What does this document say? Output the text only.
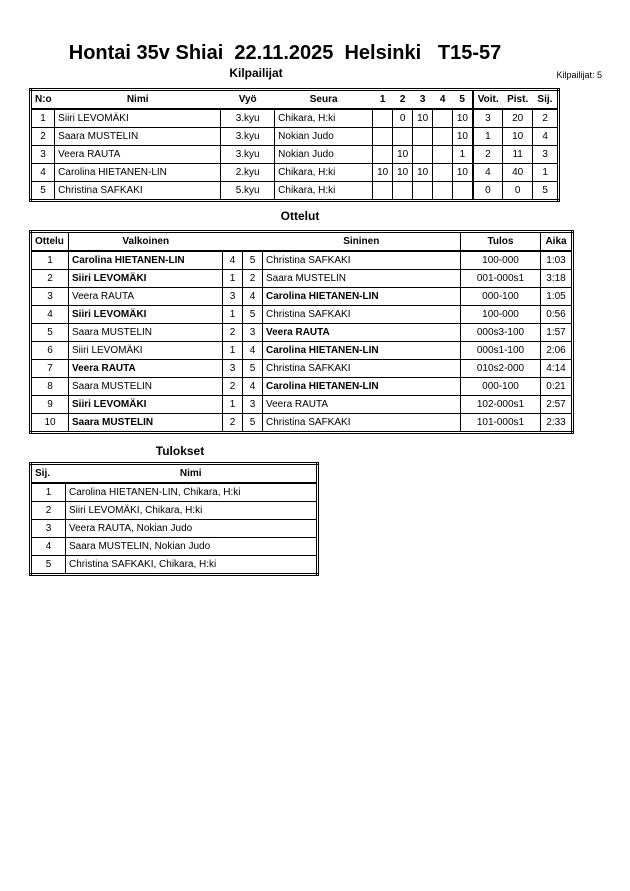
Hontai 35v Shiai  22.11.2025  Helsinki   T15-57
Kilpailijat	Kilpailijat: 5
N:o	Nimi	Vyö	Seura	1	2	3	4	5	Voit.	Pist.	Sij.
1	Siiri LEVOMÄKI	3.kyu	Chikara, H:ki		0	10		10	3	20	2
2	Saara MUSTELIN	3.kyu	Nokian Judo					10	1	10	4
3	Veera RAUTA	3.kyu	Nokian Judo		10			1	2	11	3
4	Carolina HIETANEN-LIN	2.kyu	Chikara, H:ki	10	10	10		10	4	40	1
5	Christina SAFKAKI	5.kyu	Chikara, H:ki						0	0	5
Ottelut
Ottelu	Valkoinen			Sininen	Tulos	Aika
1	Carolina HIETANEN-LIN	4	5	Christina SAFKAKI	100-000	1:03
2	Siiri LEVOMÄKI	1	2	Saara MUSTELIN	001-000s1	3:18
3	Veera RAUTA	3	4	Carolina HIETANEN-LIN	000-100	1:05
4	Siiri LEVOMÄKI	1	5	Christina SAFKAKI	100-000	0:56
5	Saara MUSTELIN	2	3	Veera RAUTA	000s3-100	1:57
6	Siiri LEVOMÄKI	1	4	Carolina HIETANEN-LIN	000s1-100	2:06
7	Veera RAUTA	3	5	Christina SAFKAKI	010s2-000	4:14
8	Saara MUSTELIN	2	4	Carolina HIETANEN-LIN	000-100	0:21
9	Siiri LEVOMÄKI	1	3	Veera RAUTA	102-000s1	2:57
10	Saara MUSTELIN	2	5	Christina SAFKAKI	101-000s1	2:33
Tulokset
Sij.	Nimi
1	Carolina HIETANEN-LIN, Chikara, H:ki
2	Siiri LEVOMÄKI, Chikara, H:ki
3	Veera RAUTA, Nokian Judo
4	Saara MUSTELIN, Nokian Judo
5	Christina SAFKAKI, Chikara, H:ki
